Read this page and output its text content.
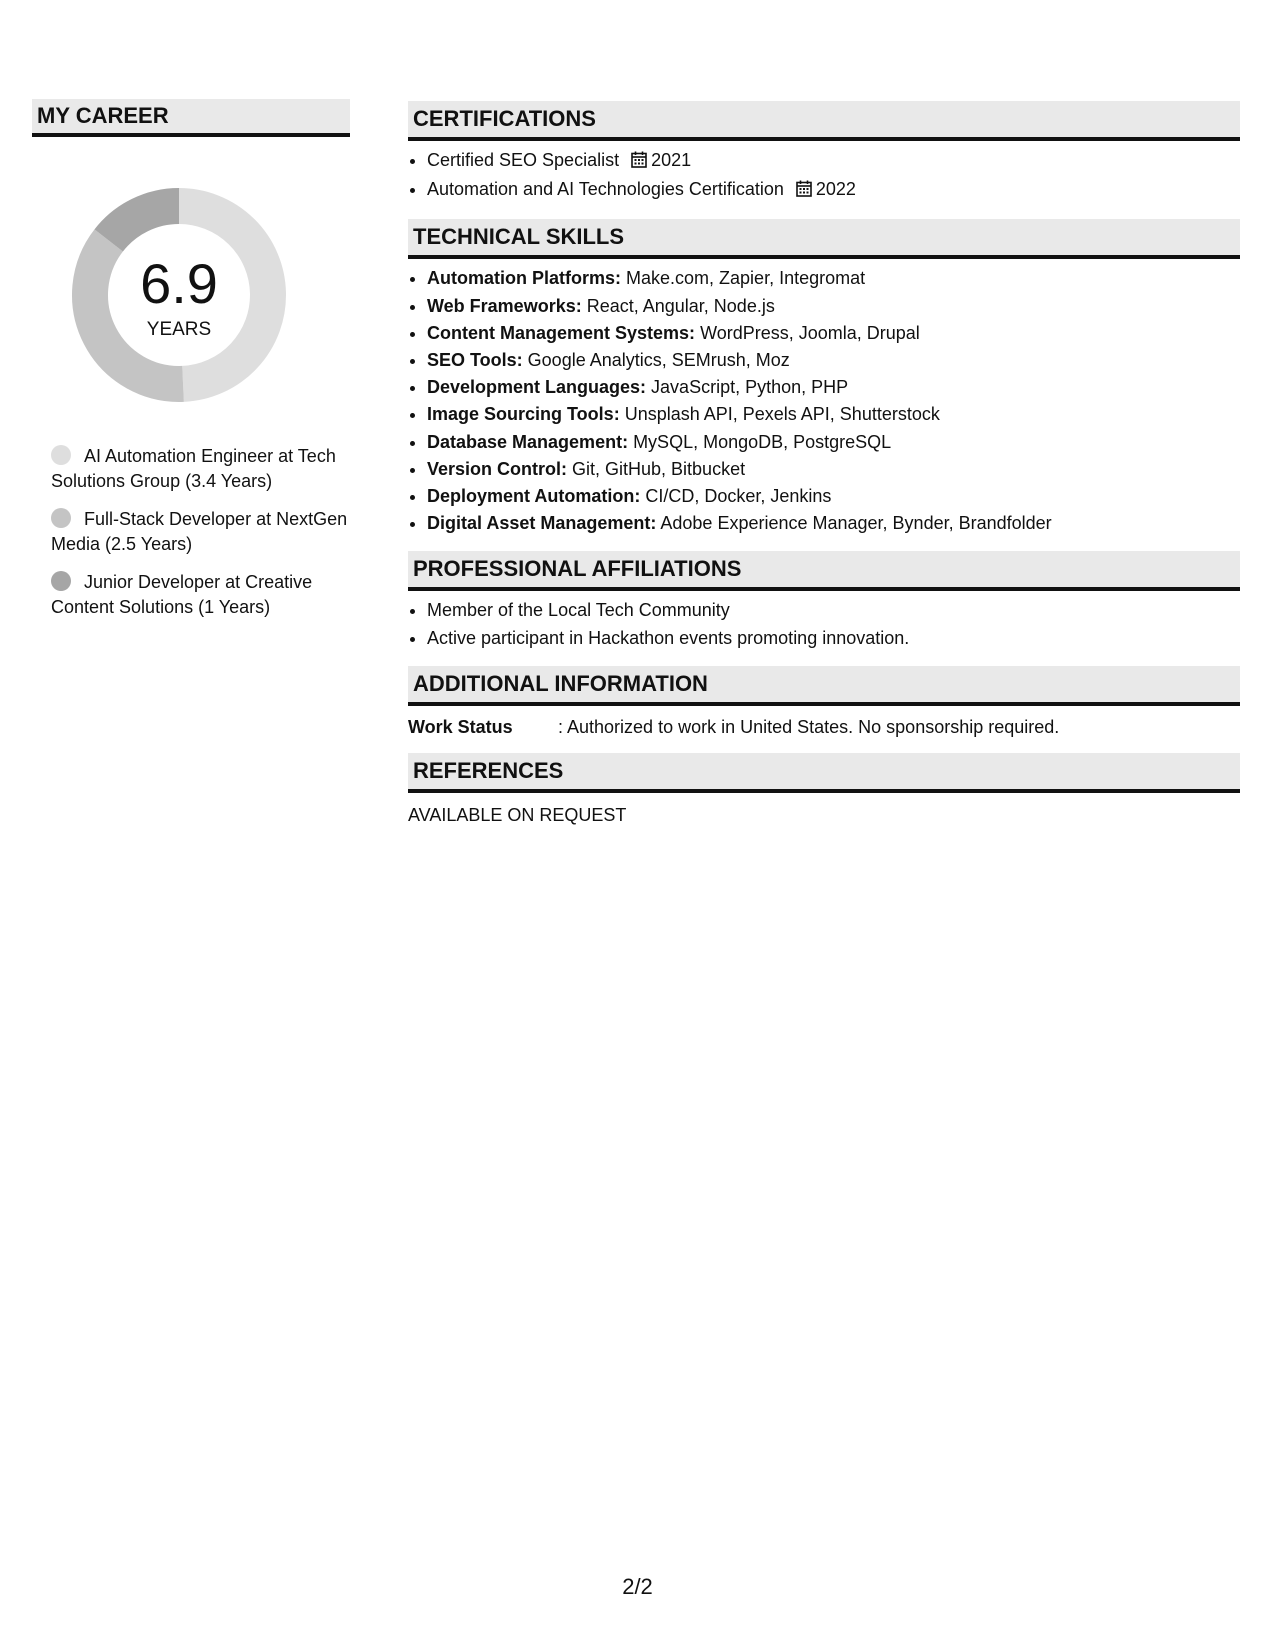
MY CAREER
6.9
YEARS
AI Automation Engineer at Tech Solutions Group (3.4 Years)
Full-Stack Developer at NextGen Media (2.5 Years)
Junior Developer at Creative Content Solutions (1 Years)
CERTIFICATIONS
• Certified SEO Specialist 2021
• Automation and AI Technologies Certification 2022
TECHNICAL SKILLS
• Automation Platforms: Make.com, Zapier, Integromat
• Web Frameworks: React, Angular, Node.js
• Content Management Systems: WordPress, Joomla, Drupal
• SEO Tools: Google Analytics, SEMrush, Moz
• Development Languages: JavaScript, Python, PHP
• Image Sourcing Tools: Unsplash API, Pexels API, Shutterstock
• Database Management: MySQL, MongoDB, PostgreSQL
• Version Control: Git, GitHub, Bitbucket
• Deployment Automation: CI/CD, Docker, Jenkins
• Digital Asset Management: Adobe Experience Manager, Bynder, Brandfolder
PROFESSIONAL AFFILIATIONS
• Member of the Local Tech Community
• Active participant in Hackathon events promoting innovation.
ADDITIONAL INFORMATION
Work Status	: Authorized to work in United States. No sponsorship required.
REFERENCES
AVAILABLE ON REQUEST
2/2
